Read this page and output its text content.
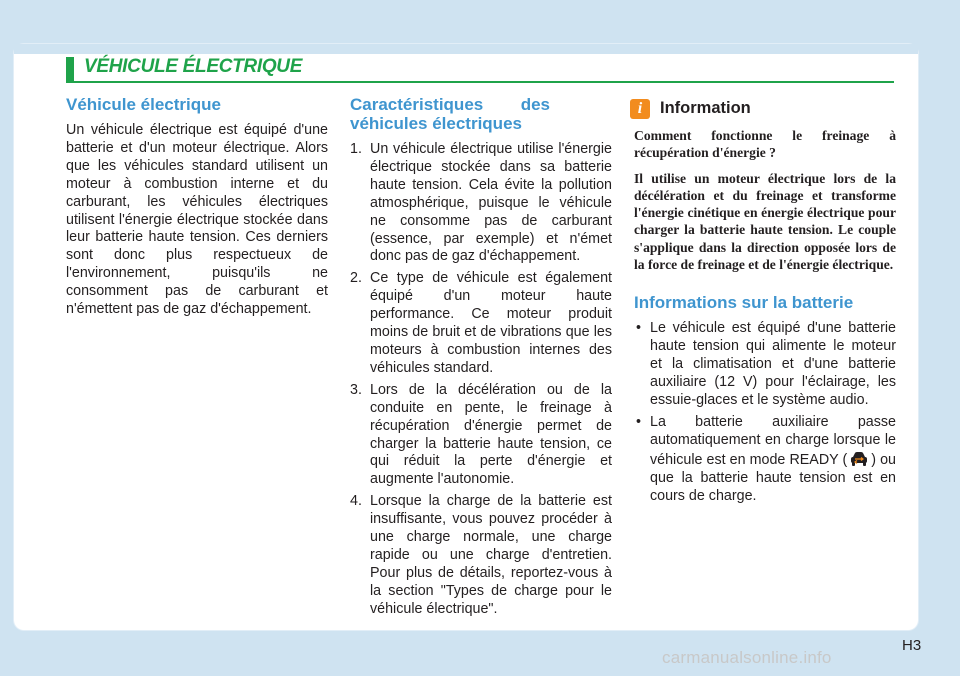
VÉHICULE ÉLECTRIQUE
Véhicule électrique

Un véhicule électrique est équipé d'une batterie et d'un moteur électrique. Alors que les véhicules standard utilisent un moteur à combustion interne et du carburant, les véhicules électriques utilisent l'énergie électrique stockée dans leur batterie haute tension. Ces derniers sont donc plus respectueux de l'environnement, puisqu'ils ne consomment pas de carburant et n'émettent pas de gaz d'échappement.

Caractéristiques des véhicules électriques
1. Un véhicule électrique utilise l'énergie électrique stockée dans sa batterie haute tension. Cela évite la pollution atmosphérique, puisque le véhicule ne consomme pas de carburant (essence, par exemple) et n'émet donc pas de gaz d'échappement.
2. Ce type de véhicule est également équipé d'un moteur haute performance. Ce moteur produit moins de bruit et de vibrations que les moteurs à combustion internes des véhicules standard.
3. Lors de la décélération ou de la conduite en pente, le freinage à récupération d'énergie permet de charger la batterie haute tension, ce qui réduit la perte d'énergie et augmente l'autonomie.
4. Lorsque la charge de la batterie est insuffisante, vous pouvez procéder à une charge normale, une charge rapide ou une charge d'entretien. Pour plus de détails, reportez-vous à la section "Types de charge pour le véhicule électrique".
i	Information

Comment fonctionne le freinage à récupération d'énergie ?

Il utilise un moteur électrique lors de la décélération et du freinage et transforme l'énergie cinétique en énergie électrique pour charger la batterie haute tension. Le couple s'applique dans la direction opposée lors de la force de freinage et de l'énergie électrique.

Informations sur la batterie
• Le véhicule est équipé d'une batterie haute tension qui alimente le moteur et la climatisation et d'une batterie auxiliaire (12 V) pour l'éclairage, les essuie-glaces et le système audio.
• La batterie auxiliaire passe automatiquement en charge lorsque le véhicule est en mode READY ( ) ou que la batterie haute tension est en cours de charge.
H3
carmanualsonline.info
